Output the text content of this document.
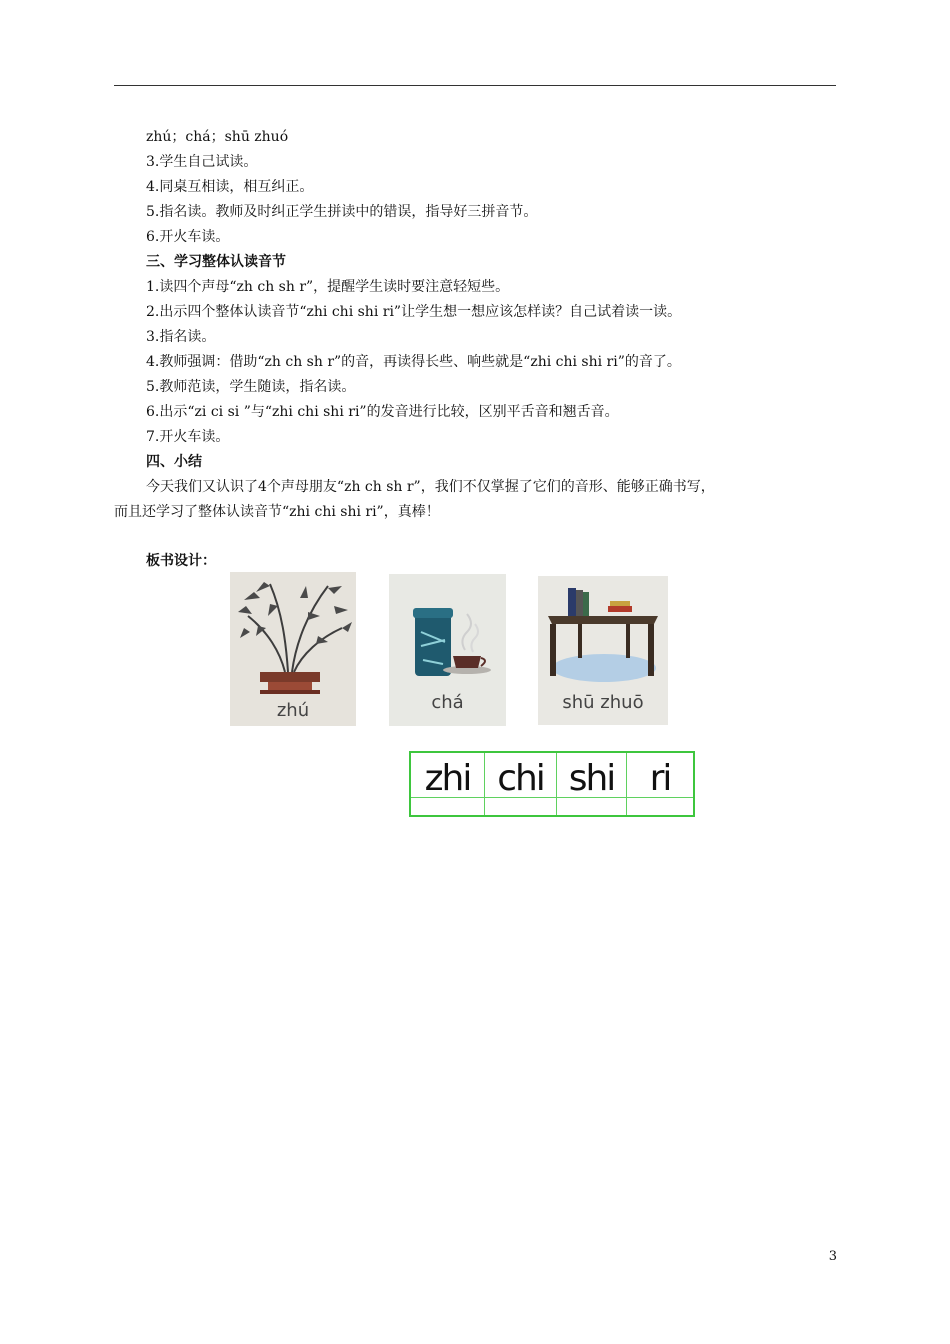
zhú；chá；shū zhuó
3.学生自己试读。
4.同桌互相读，相互纠正。
5.指名读。教师及时纠正学生拼读中的错误，指导好三拼音节。
6.开火车读。
三、学习整体认读音节
1.读四个声母“zh ch sh r”，提醒学生读时要注意轻短些。
2.出示四个整体认读音节“zhi chi shi ri”让学生想一想应该怎样读？自己试着读一读。
3.指名读。
4.教师强调：借助“zh ch sh r”的音，再读得长些、响些就是“zhi chi shi ri”的音了。
5.教师范读，学生随读，指名读。
6.出示“zi ci si ”与“zhi chi shi ri”的发音进行比较，区别平舌音和翘舌音。
7.开火车读。
四、小结
今天我们又认识了4个声母朋友“zh ch sh r”，我们不仅掌握了它们的音形、能够正确书写，
而且还学习了整体认读音节“zhi chi shi ri”，真棒！
板书设计：
zhú	chá	shū zhuō
zhi chi shi ri
3
